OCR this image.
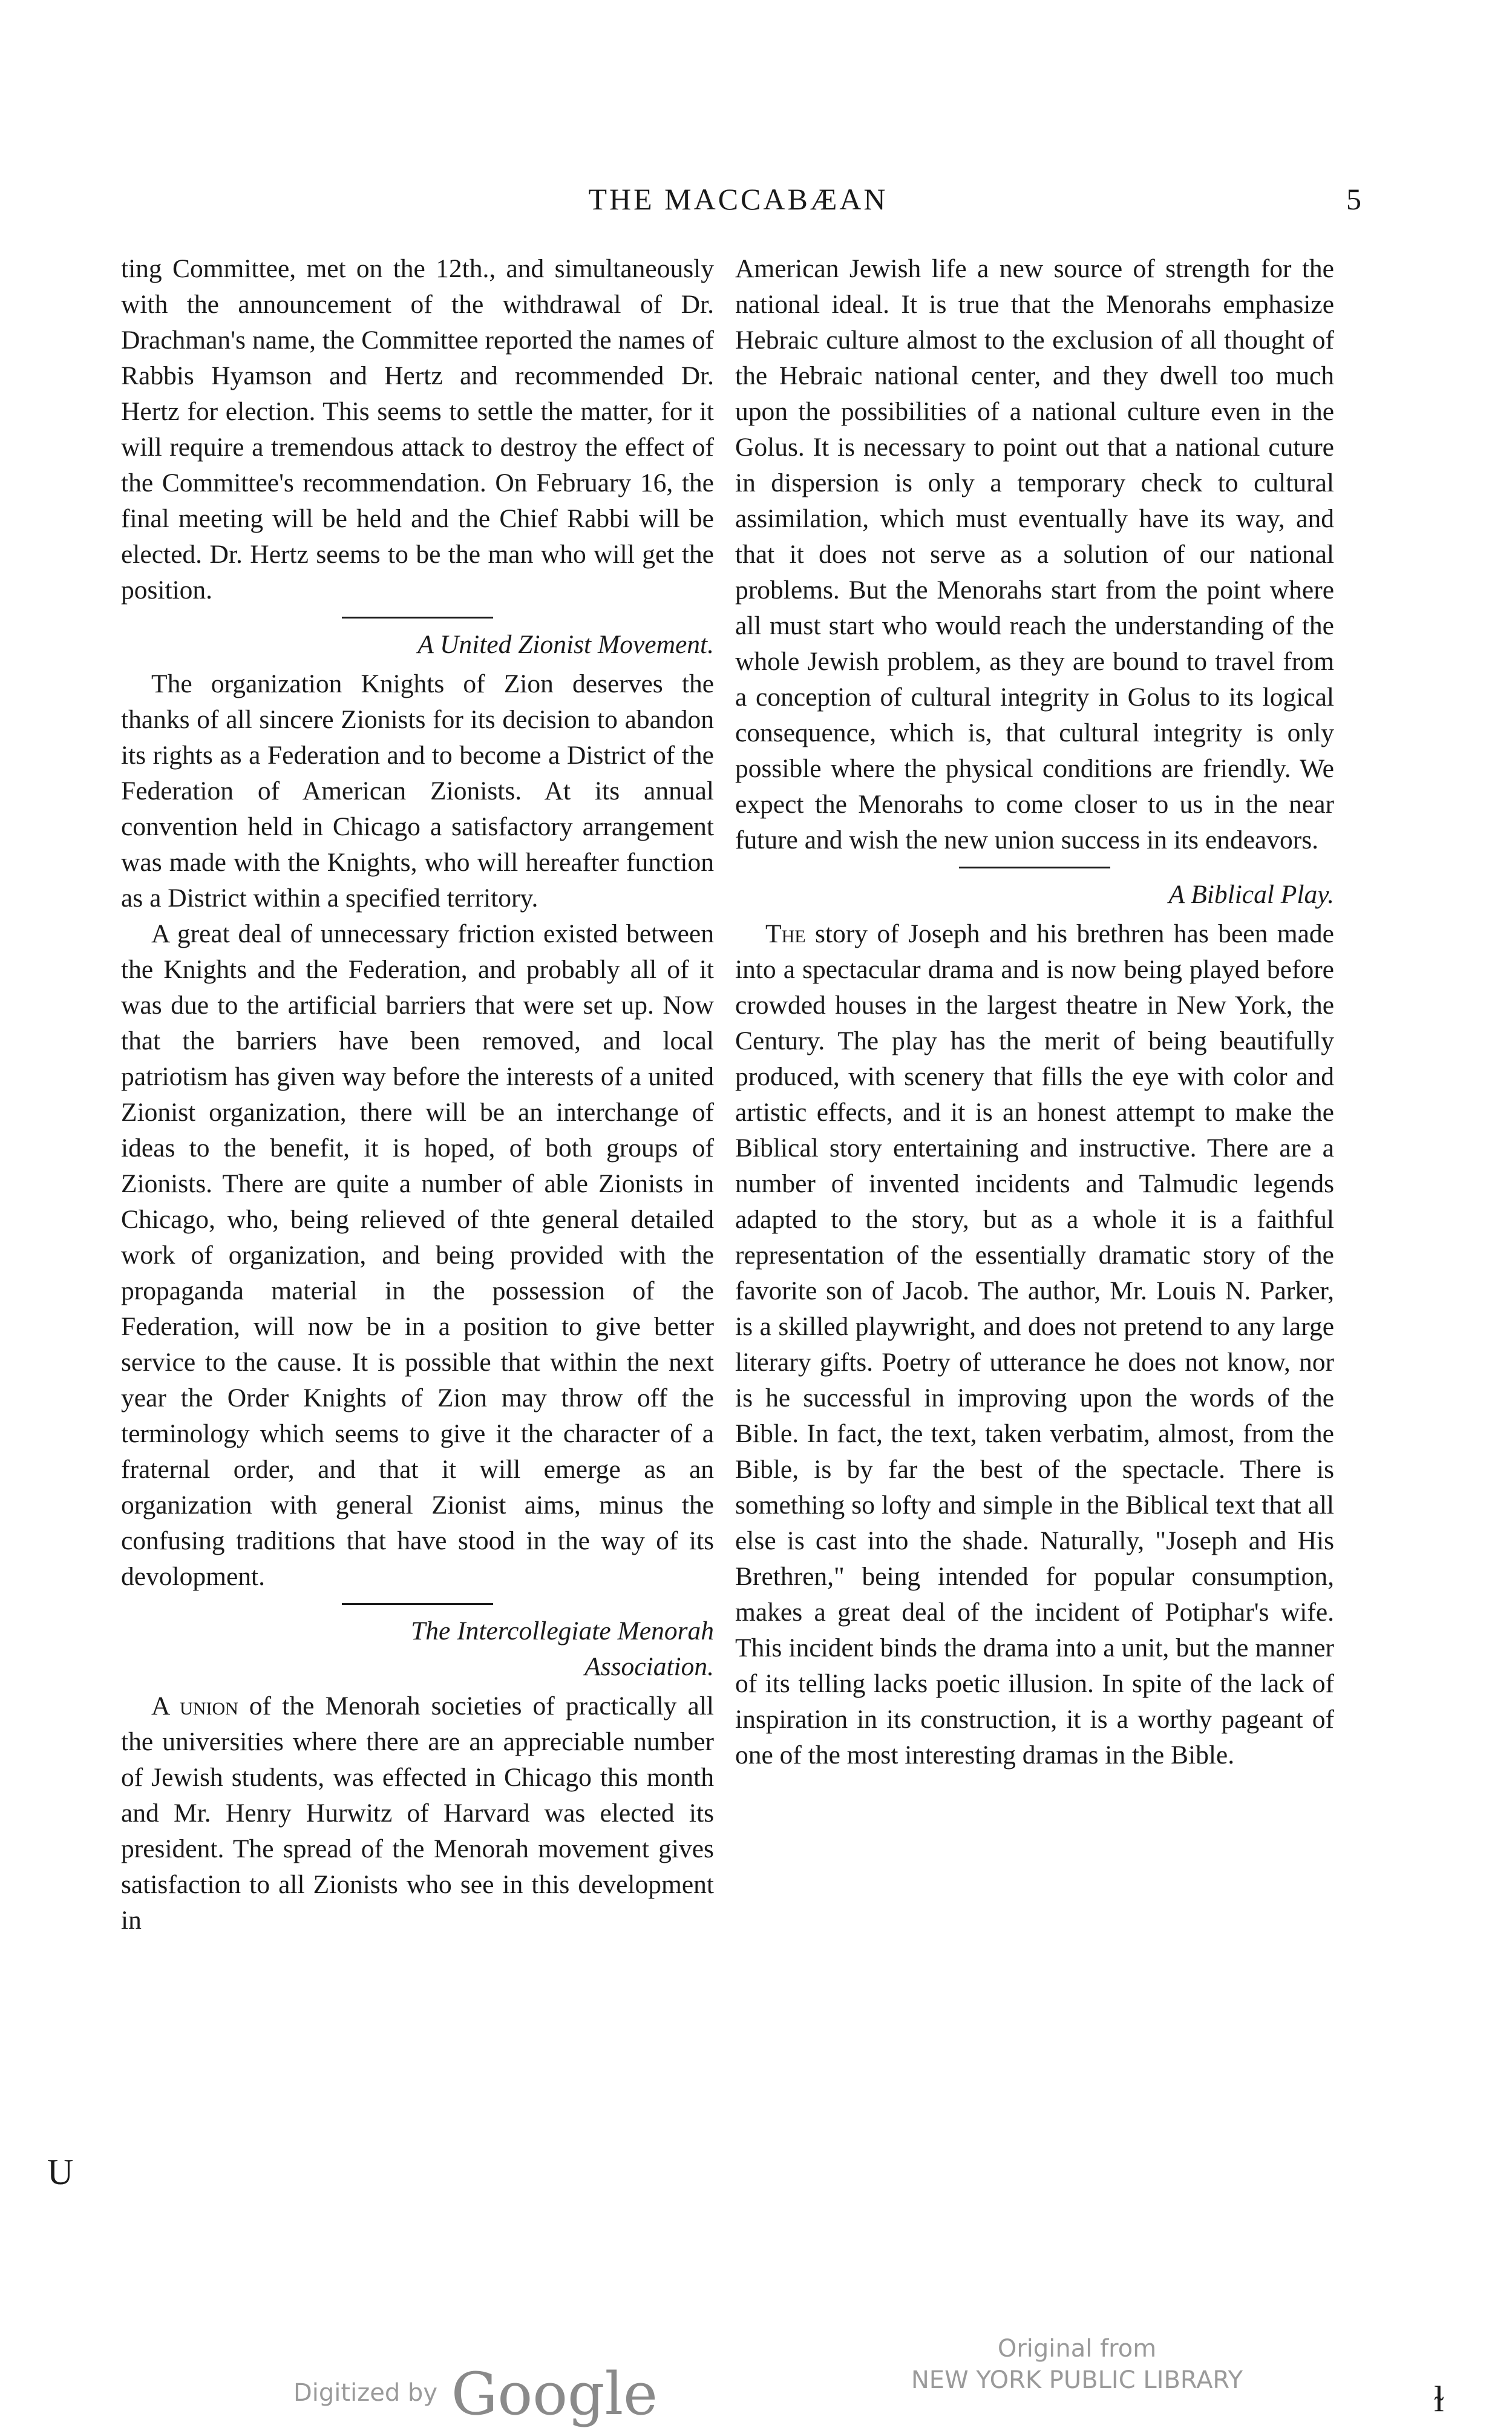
THE MACCABÆAN	5

ting Committee, met on the 12th., and simultaneously with the announcement of the withdrawal of Dr. Drachman's name, the Committee reported the names of Rabbis Hyamson and Hertz and recommended Dr. Hertz for election. This seems to settle the matter, for it will require a tremendous attack to destroy the effect of the Committee's recommendation. On February 16, the final meeting will be held and the Chief Rabbi will be elected. Dr. Hertz seems to be the man who will get the position.

A United Zionist Movement.

The organization Knights of Zion deserves the thanks of all sincere Zionists for its decision to abandon its rights as a Federation and to become a District of the Federation of American Zionists. At its annual convention held in Chicago a satisfactory arrangement was made with the Knights, who will hereafter function as a District within a specified territory.

A great deal of unnecessary friction existed between the Knights and the Federation, and probably all of it was due to the artificial barriers that were set up. Now that the barriers have been removed, and local patriotism has given way before the interests of a united Zionist organization, there will be an interchange of ideas to the benefit, it is hoped, of both groups of Zionists. There are quite a number of able Zionists in Chicago, who, being relieved of thte general detailed work of organization, and being provided with the propaganda material in the possession of the Federation, will now be in a position to give better service to the cause. It is possible that within the next year the Order Knights of Zion may throw off the terminology which seems to give it the character of a fraternal order, and that it will emerge as an organization with general Zionist aims, minus the confusing traditions that have stood in the way of its devolopment.

The Intercollegiate Menorah
Association.

A union of the Menorah societies of practically all the universities where there are an appreciable number of Jewish students, was effected in Chicago this month and Mr. Henry Hurwitz of Harvard was elected its president. The spread of the Menorah movement gives satisfaction to all Zionists who see in this development in

American Jewish life a new source of strength for the national ideal. It is true that the Menorahs emphasize Hebraic culture almost to the exclusion of all thought of the Hebraic national center, and they dwell too much upon the possibilities of a national culture even in the Golus. It is necessary to point out that a national cuture in dispersion is only a temporary check to cultural assimilation, which must eventually have its way, and that it does not serve as a solution of our national problems. But the Menorahs start from the point where all must start who would reach the understanding of the whole Jewish problem, as they are bound to travel from a conception of cultural integrity in Golus to its logical consequence, which is, that cultural integrity is only possible where the physical conditions are friendly. We expect the Menorahs to come closer to us in the near future and wish the new union success in its endeavors.

A Biblical Play.

The story of Joseph and his brethren has been made into a spectacular drama and is now being played before crowded houses in the largest theatre in New York, the Century. The play has the merit of being beautifully produced, with scenery that fills the eye with color and artistic effects, and it is an honest attempt to make the Biblical story entertaining and instructive. There are a number of invented incidents and Talmudic legends adapted to the story, but as a whole it is a faithful representation of the essentially dramatic story of the favorite son of Jacob. The author, Mr. Louis N. Parker, is a skilled playwright, and does not pretend to any large literary gifts. Poetry of utterance he does not know, nor is he successful in improving upon the words of the Bible. In fact, the text, taken verbatim, almost, from the Bible, is by far the best of the spectacle. There is something so lofty and simple in the Biblical text that all else is cast into the shade. Naturally, "Joseph and His Brethren," being intended for popular consumption, makes a great deal of the incident of Potiphar's wife. This incident binds the drama into a unit, but the manner of its telling lacks poetic illusion. In spite of the lack of inspiration in its construction, it is a worthy pageant of one of the most interesting dramas in the Bible.

U
ɫ
Digitized by Google
Original from
NEW YORK PUBLIC LIBRARY
